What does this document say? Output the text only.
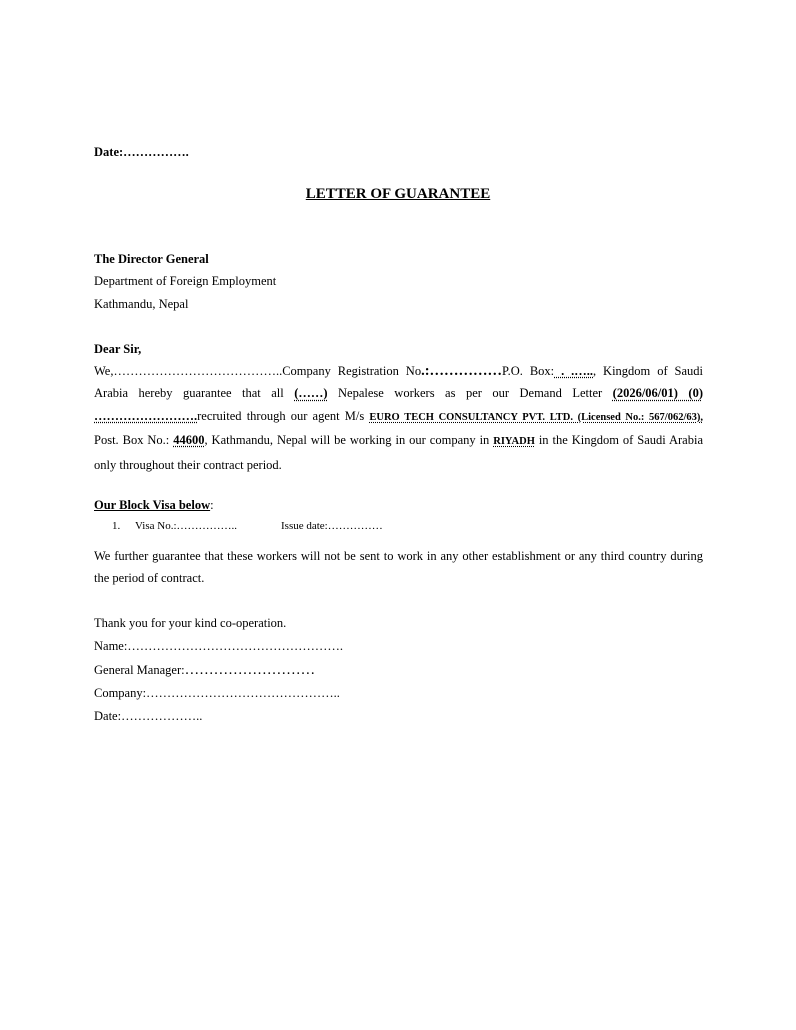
Date:…………….
LETTER OF GUARANTEE
The Director General
Department of Foreign Employment
Kathmandu, Nepal
Dear Sir,
We,…………………………………..Company Registration No.:……………P.O. Box: . .….., Kingdom of Saudi Arabia hereby guarantee that all (……) Nepalese workers as per our Demand Letter (2026/06/01) (0) …………………….recruited through our agent M/s EURO TECH CONSULTANCY PVT. LTD. (Licensed No.: 567/062/63), Post. Box No.: 44600, Kathmandu, Nepal will be working in our company in RIYADH in the Kingdom of Saudi Arabia only throughout their contract period.
Our Block Visa below:
1. Visa No.:……………..	Issue date:……………
We further guarantee that these workers will not be sent to work in any other establishment or any third country during the period of contract.
Thank you for your kind co-operation.
Name:…………………………………………….
General Manager:………………………
Company:………………………………………..
Date:………………..
